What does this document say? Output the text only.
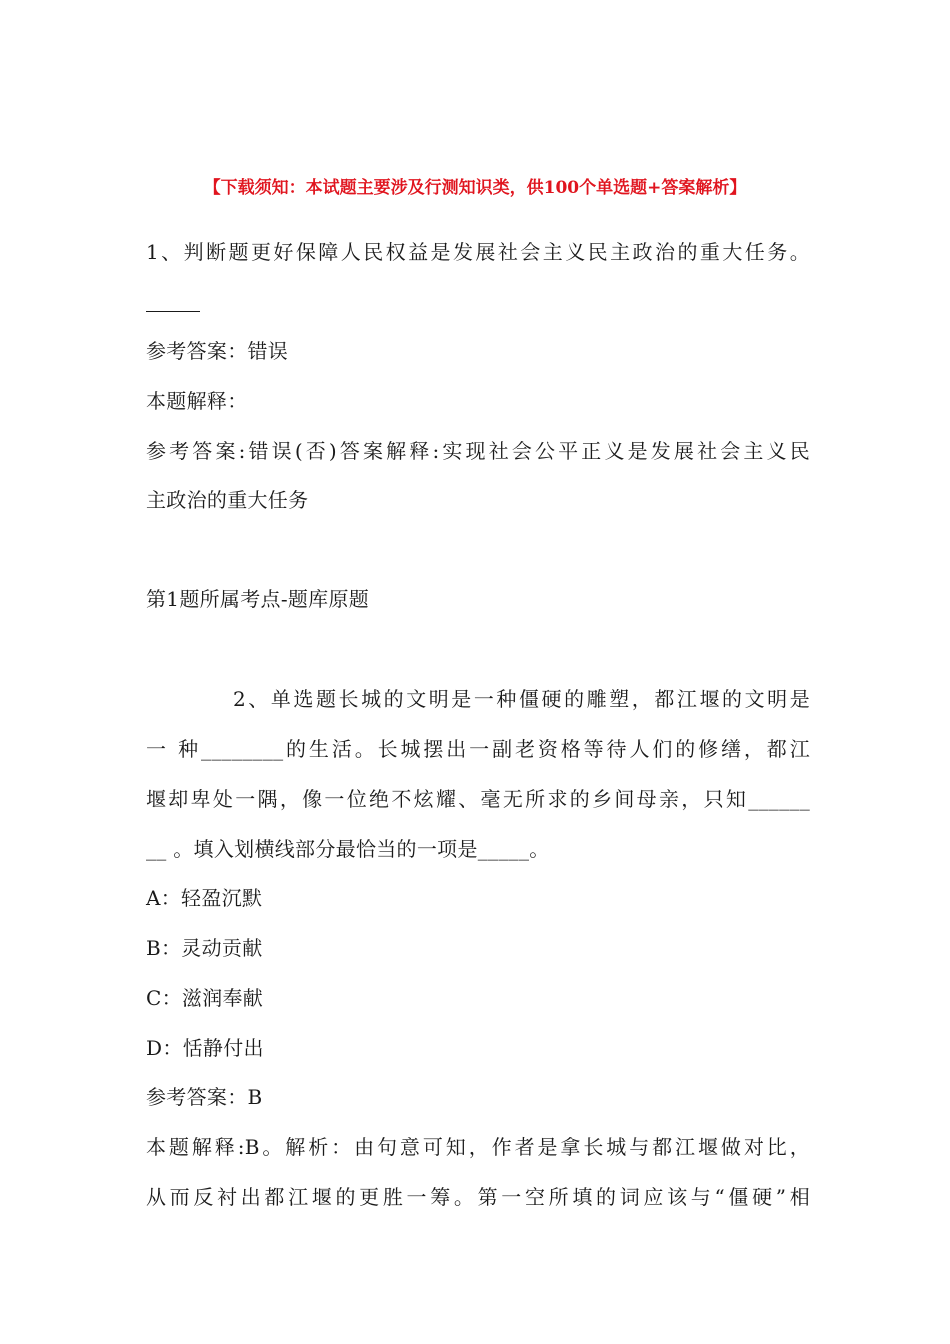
【下载须知：本试题主要涉及行测知识类，供100个单选题+答案解析】
1、判断题更好保障人民权益是发展社会主义民主政治的重大任务。
参考答案：错误
本题解释：
参考答案:错误(否)答案解释:实现社会公平正义是发展社会主义民
主政治的重大任务
第1题所属考点-题库原题
2、单选题长城的文明是一种僵硬的雕塑，都江堰的文明是
一 种________的生活。长城摆出一副老资格等待人们的修缮，都江
堰却卑处一隅，像一位绝不炫耀、毫无所求的乡间母亲，只知______
__ 。填入划横线部分最恰当的一项是_____。
A：轻盈沉默
B：灵动贡献
C：滋润奉献
D：恬静付出
参考答案：B
本题解释:B。解析：由句意可知，作者是拿长城与都江堰做对比，
从而反衬出都江堰的更胜一筹。第一空所填的词应该与“僵硬”相
